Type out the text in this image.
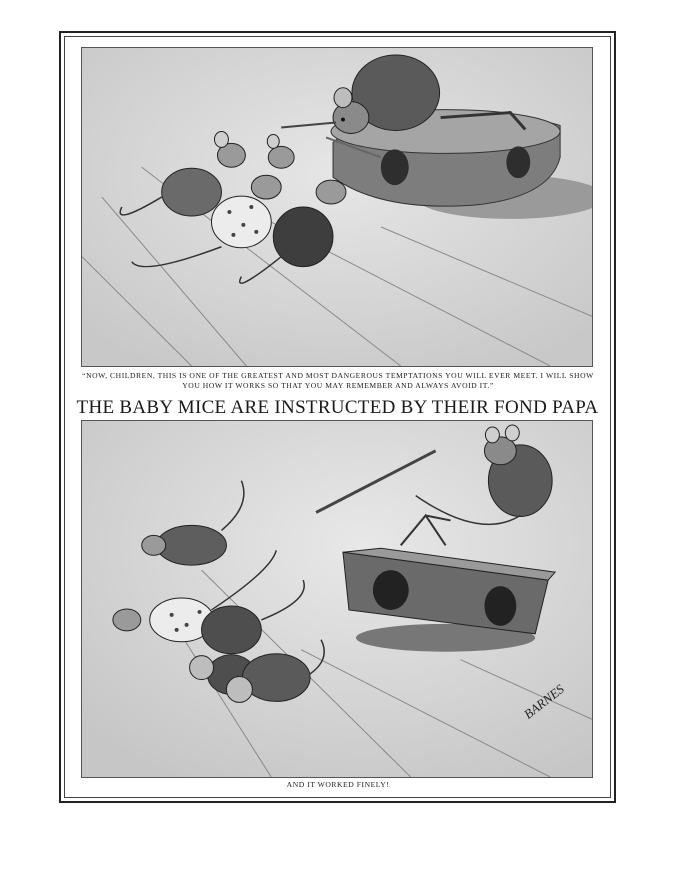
“NOW, CHILDREN, THIS IS ONE OF THE GREATEST AND MOST DANGEROUS TEMPTATIONS YOU WILL EVER MEET. I WILL SHOW YOU HOW IT WORKS SO THAT YOU MAY REMEMBER AND ALWAYS AVOID IT.”
THE BABY MICE ARE INSTRUCTED BY THEIR FOND PAPA
BARNES
AND IT WORKED FINELY!
